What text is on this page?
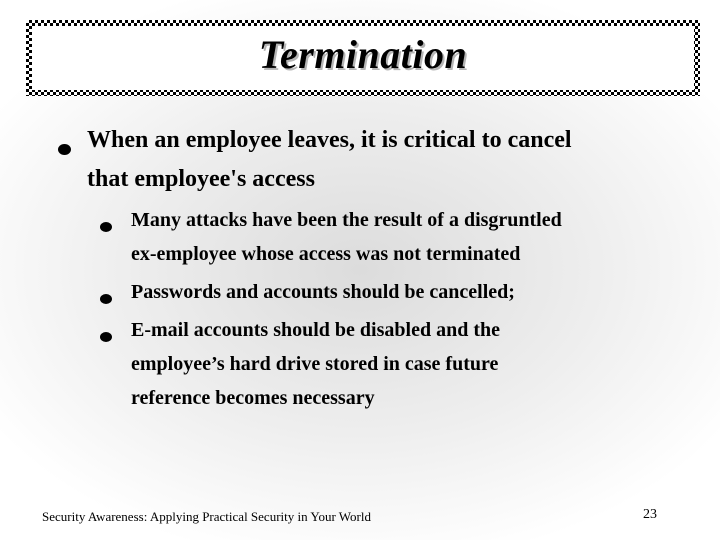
Termination
When an employee leaves, it is critical to cancel
that employee's access
Many attacks have been the result of a disgruntled
ex-employee whose access was not terminated
Passwords and accounts should be cancelled;
E-mail accounts should be disabled and the
employee’s hard drive stored in case future
reference becomes necessary
Security Awareness: Applying Practical Security in Your World	23
